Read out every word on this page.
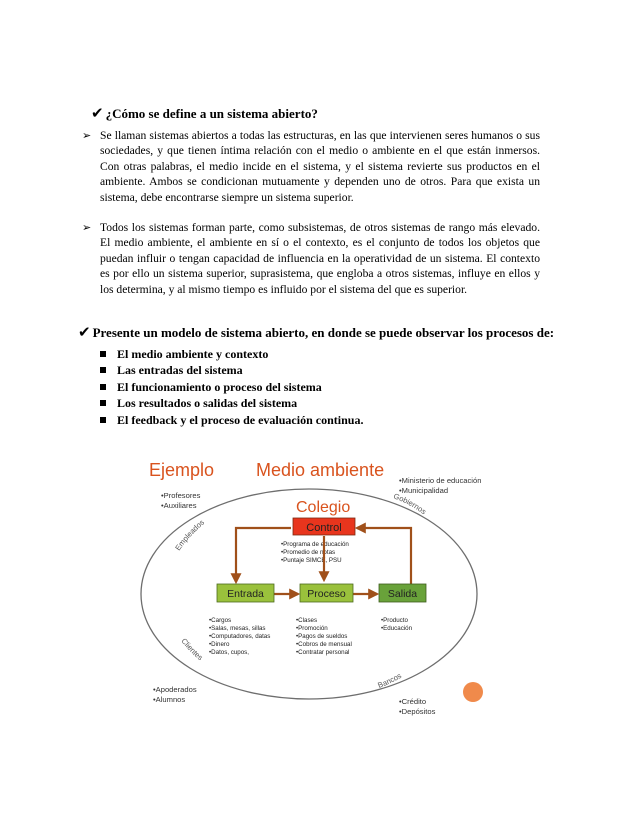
✔ ¿Cómo se define a un sistema abierto?
➢ Se llaman sistemas abiertos a todas las estructuras, en las que intervienen seres humanos o sus sociedades, y que tienen íntima relación con el medio o ambiente en el que están inmersos. Con otras palabras, el medio incide en el sistema, y el sistema revierte sus productos en el ambiente. Ambos se condicionan mutuamente y dependen uno de otros. Para que exista un sistema, debe encontrarse siempre un sistema superior.
➢ Todos los sistemas forman parte, como subsistemas, de otros sistemas de rango más elevado. El medio ambiente, el ambiente en sí o el contexto, es el conjunto de todos los objetos que puedan influir o tengan capacidad de influencia en la operatividad de un sistema. El contexto es por ello un sistema superior, suprasistema, que engloba a otros sistemas, influye en ellos y los determina, y al mismo tiempo es influido por el sistema del que es superior.
✔ Presente un modelo de sistema abierto, en donde se puede observar los procesos de:
El medio ambiente y contexto
Las entradas del sistema
El funcionamiento o proceso del sistema
Los resultados o salidas del sistema
El feedback y el proceso de evaluación continua.
Ejemplo Medio ambiente
•Profesores
•Auxiliares
•Ministerio de educación
•Municipalidad
Empleados
Gobiernos
Clientes
Bancos
Colegio
Control
•Programa de educación
•Promedio de notas
•Puntaje SIMCE, PSU
Entrada	Proceso	Salida
•Cargos
•Salas, mesas, sillas
•Computadores, datas
•Dinero
•Datos, cupos,
•Clases
•Promoción
•Pagos de sueldos
•Cobros de mensual
•Contratar personal
•Producto
•Educación
•Apoderados
•Alumnos	•Crédito
•Depósitos
